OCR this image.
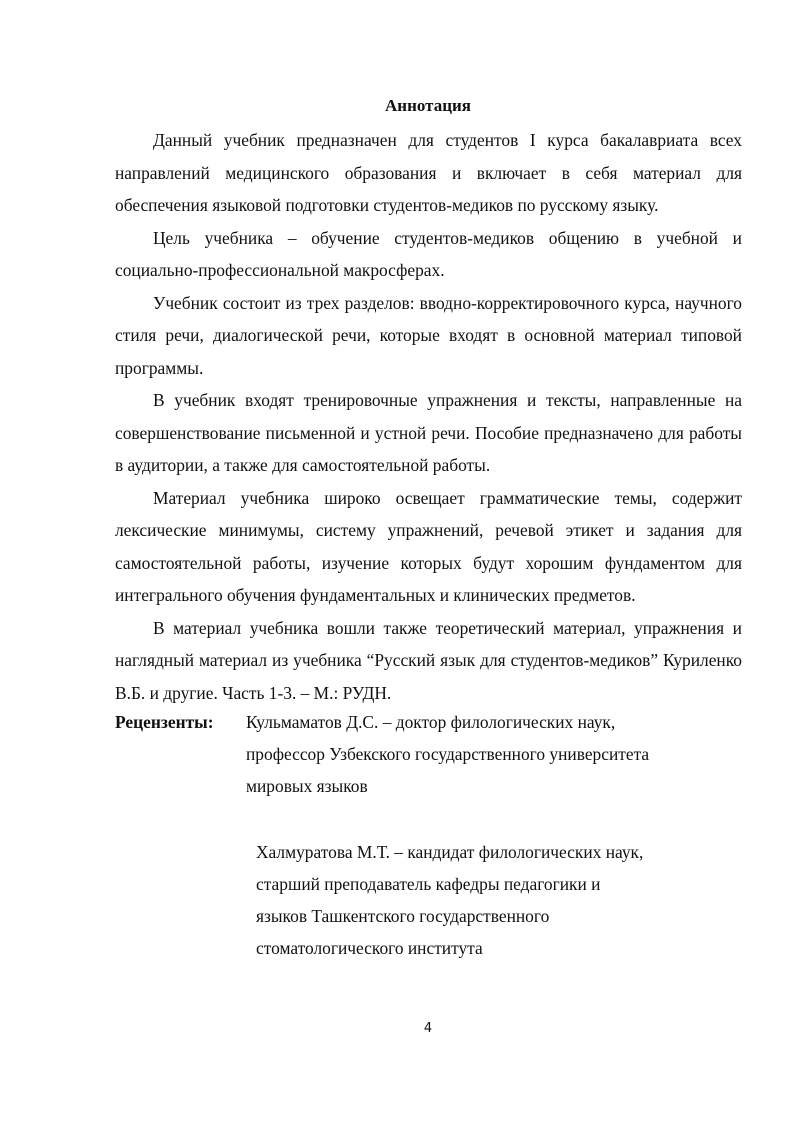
Аннотация

Данный учебник предназначен для студентов I курса бакалавриата всех направлений медицинского образования и включает в себя материал для обеспечения языковой подготовки студентов-медиков по русскому языку.

Цель учебника – обучение студентов-медиков общению в учебной и социально-профессиональной макросферах.

Учебник состоит из трех разделов: вводно-корректировочного курса, научного стиля речи, диалогической речи, которые входят в основной материал типовой программы.

В учебник входят тренировочные упражнения и тексты, направленные на совершенствование письменной и устной речи. Пособие предназначено для работы в аудитории, а также для самостоятельной работы.

Материал учебника широко освещает грамматические темы, содержит лексические минимумы, систему упражнений, речевой этикет и задания для самостоятельной работы, изучение которых будут хорошим фундаментом для интегрального обучения фундаментальных и клинических предметов.

В материал учебника вошли также теоретический материал, упражнения и наглядный материал из учебника “Русский язык для студентов-медиков” Куриленко В.Б. и другие. Часть 1-3. – М.: РУДН.

Рецензенты: Кульмаматов Д.С. – доктор филологических наук,
профессор Узбекского государственного университета
мировых языков
Халмуратова М.Т. – кандидат филологических наук,
старший преподаватель кафедры педагогики и
языков Ташкентского государственного
стоматологического института
4
